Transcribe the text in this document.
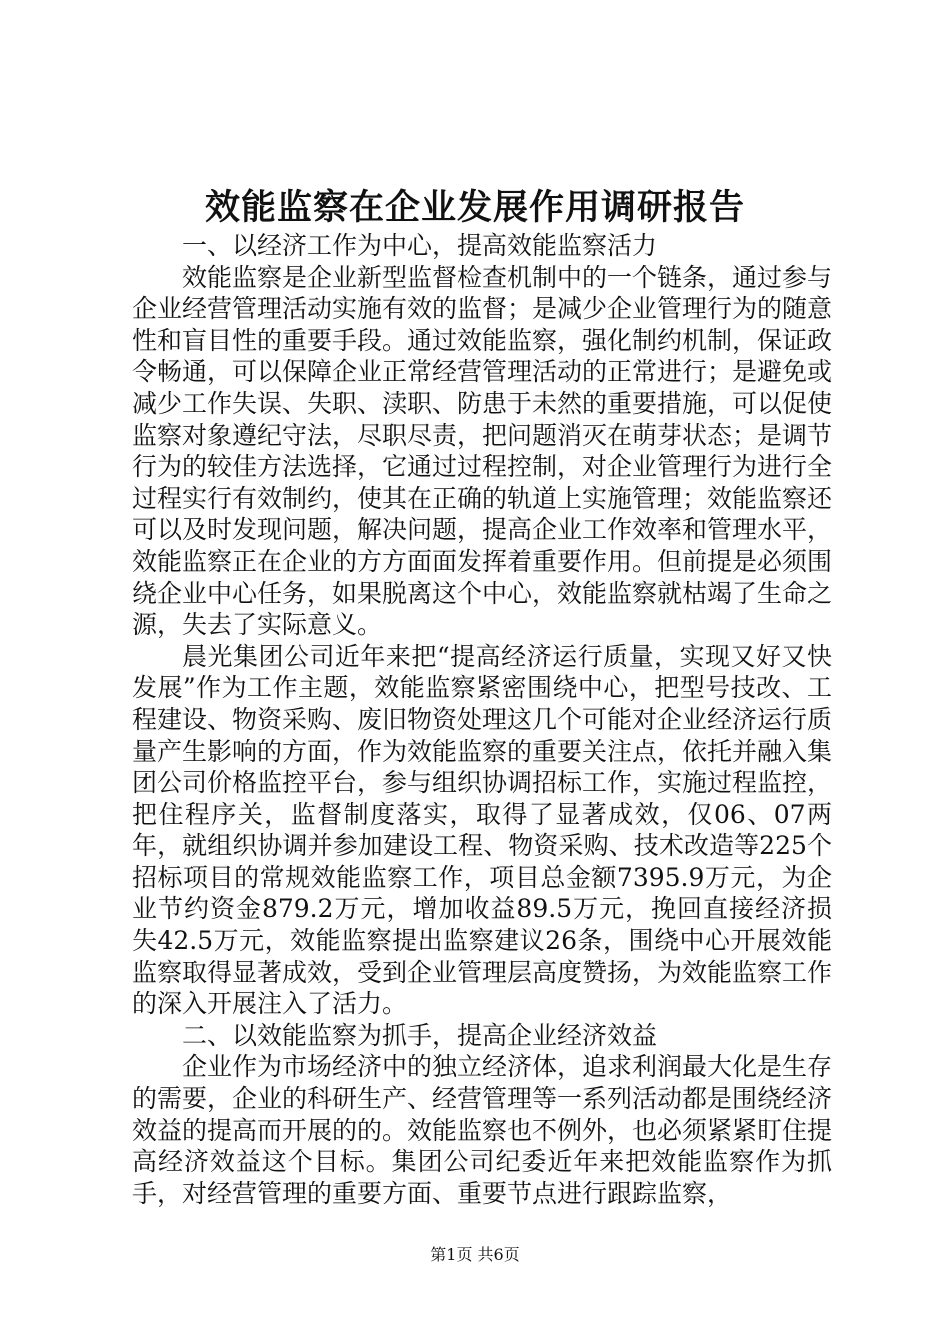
效能监察在企业发展作用调研报告

一、以经济工作为中心，提高效能监察活力

效能监察是企业新型监督检查机制中的一个链条，通过参与企业经营管理活动实施有效的监督；是减少企业管理行为的随意性和盲目性的重要手段。通过效能监察，强化制约机制，保证政令畅通，可以保障企业正常经营管理活动的正常进行；是避免或减少工作失误、失职、渎职、防患于未然的重要措施，可以促使监察对象遵纪守法，尽职尽责，把问题消灭在萌芽状态；是调节行为的较佳方法选择，它通过过程控制，对企业管理行为进行全过程实行有效制约，使其在正确的轨道上实施管理；效能监察还可以及时发现问题，解决问题，提高企业工作效率和管理水平，效能监察正在企业的方方面面发挥着重要作用。但前提是必须围绕企业中心任务，如果脱离这个中心，效能监察就枯竭了生命之源，失去了实际意义。

晨光集团公司近年来把“提高经济运行质量，实现又好又快发展”作为工作主题，效能监察紧密围绕中心，把型号技改、工程建设、物资采购、废旧物资处理这几个可能对企业经济运行质量产生影响的方面，作为效能监察的重要关注点，依托并融入集团公司价格监控平台，参与组织协调招标工作，实施过程监控，把住程序关，监督制度落实，取得了显著成效，仅06、07两年，就组织协调并参加建设工程、物资采购、技术改造等225个招标项目的常规效能监察工作，项目总金额7395.9万元，为企业节约资金879.2万元，增加收益89.5万元，挽回直接经济损失42.5万元，效能监察提出监察建议26条，围绕中心开展效能监察取得显著成效，受到企业管理层高度赞扬，为效能监察工作的深入开展注入了活力。

二、以效能监察为抓手，提高企业经济效益

企业作为市场经济中的独立经济体，追求利润最大化是生存的需要，企业的科研生产、经营管理等一系列活动都是围绕经济效益的提高而开展的的。效能监察也不例外，也必须紧紧盯住提高经济效益这个目标。集团公司纪委近年来把效能监察作为抓手，对经营管理的重要方面、重要节点进行跟踪监察，

第1页 共6页
